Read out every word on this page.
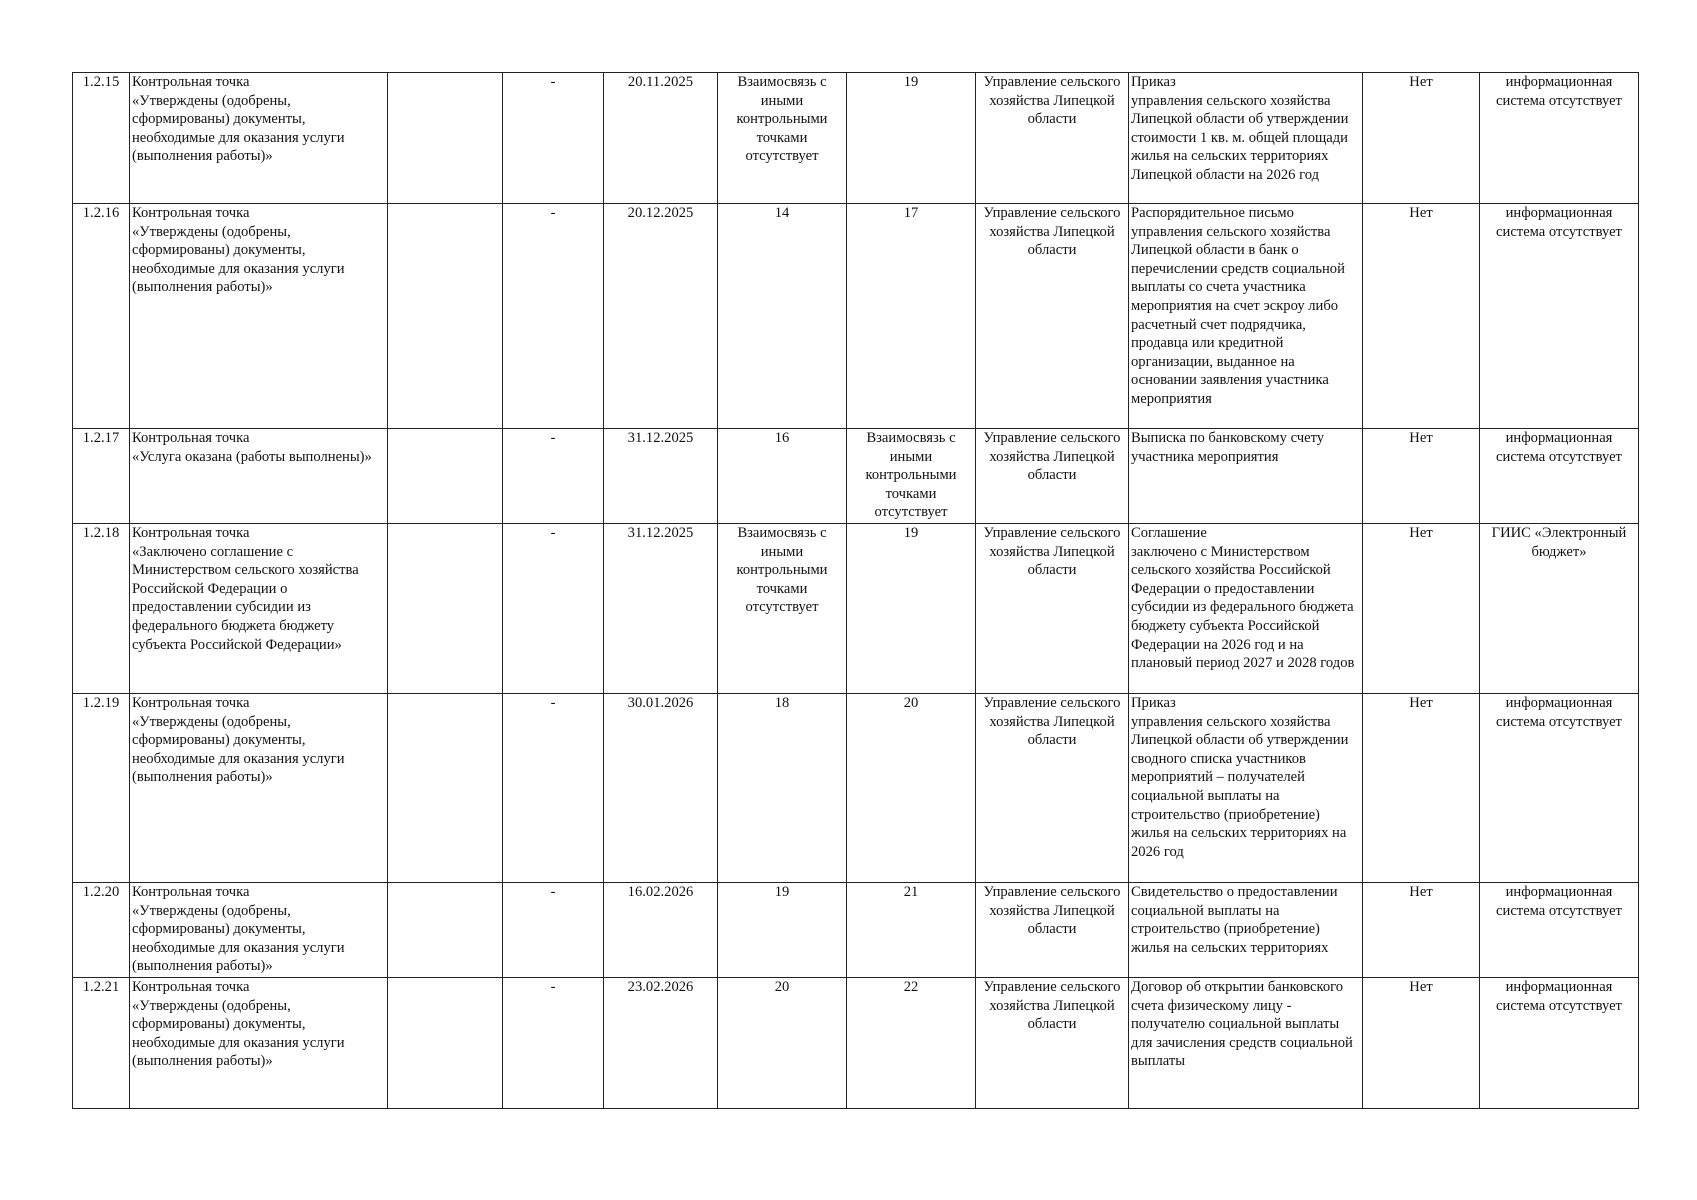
1.2.15	Контрольная точка
«Утверждены (одобрены, сформированы) документы, необходимые для оказания услуги (выполнения работы)»		-	20.11.2025	Взаимосвязь с иными контрольными точками отсутствует	19	Управление сельского хозяйства Липецкой области	Приказ
управления сельского хозяйства Липецкой области об утверждении стоимости 1 кв. м. общей площади жилья на сельских территориях Липецкой области на 2026 год	Нет	информационная система отсутствует
1.2.16	Контрольная точка
«Утверждены (одобрены, сформированы) документы, необходимые для оказания услуги (выполнения работы)»		-	20.12.2025	14	17	Управление сельского хозяйства Липецкой области	Распорядительное письмо управления сельского хозяйства Липецкой области в банк о перечислении средств социальной выплаты со счета участника мероприятия на счет эскроу либо расчетный счет подрядчика, продавца или кредитной организации, выданное на основании заявления участника мероприятия	Нет	информационная система отсутствует
1.2.17	Контрольная точка
«Услуга оказана (работы выполнены)»		-	31.12.2025	16	Взаимосвязь с иными контрольными точками отсутствует	Управление сельского хозяйства Липецкой области	Выписка по банковскому счету участника мероприятия	Нет	информационная система отсутствует
1.2.18	Контрольная точка
«Заключено соглашение с Министерством сельского хозяйства Российской Федерации о предоставлении субсидии из федерального бюджета бюджету субъекта Российской Федерации»		-	31.12.2025	Взаимосвязь с иными контрольными точками отсутствует	19	Управление сельского хозяйства Липецкой области	Соглашение
заключено с Министерством сельского хозяйства Российской Федерации о предоставлении субсидии из федерального бюджета бюджету субъекта Российской Федерации на 2026 год и на плановый период 2027 и 2028 годов	Нет	ГИИС «Электронный бюджет»
1.2.19	Контрольная точка
«Утверждены (одобрены, сформированы) документы, необходимые для оказания услуги (выполнения работы)»		-	30.01.2026	18	20	Управление сельского хозяйства Липецкой области	Приказ
управления сельского хозяйства Липецкой области об утверждении сводного списка участников мероприятий – получателей социальной выплаты на строительство (приобретение) жилья на сельских территориях на 2026 год	Нет	информационная система отсутствует
1.2.20	Контрольная точка
«Утверждены (одобрены, сформированы) документы, необходимые для оказания услуги (выполнения работы)»		-	16.02.2026	19	21	Управление сельского хозяйства Липецкой области	Свидетельство о предоставлении социальной выплаты на строительство (приобретение) жилья на сельских территориях	Нет	информационная система отсутствует
1.2.21	Контрольная точка
«Утверждены (одобрены, сформированы) документы, необходимые для оказания услуги (выполнения работы)»		-	23.02.2026	20	22	Управление сельского хозяйства Липецкой области	Договор об открытии банковского счета физическому лицу - получателю социальной выплаты для зачисления средств социальной выплаты	Нет	информационная система отсутствует
